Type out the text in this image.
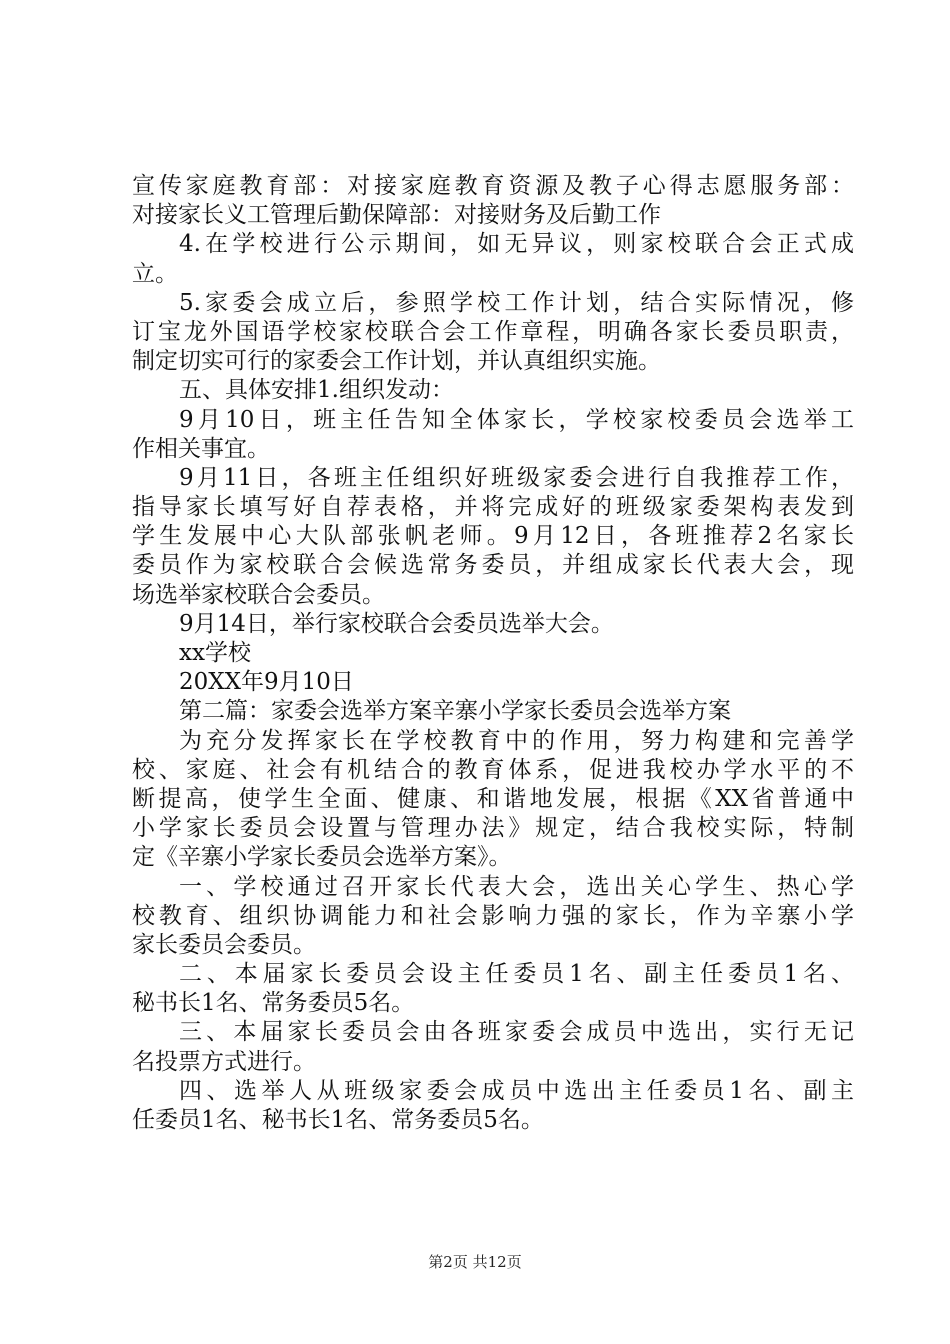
宣传家庭教育部：对接家庭教育资源及教子心得志愿服务部：
对接家长义工管理后勤保障部：对接财务及后勤工作
4.在学校进行公示期间，如无异议，则家校联合会正式成
立。
5.家委会成立后，参照学校工作计划，结合实际情况，修
订宝龙外国语学校家校联合会工作章程，明确各家长委员职责，
制定切实可行的家委会工作计划，并认真组织实施。
五、具体安排1.组织发动：
9月10日，班主任告知全体家长，学校家校委员会选举工
作相关事宜。
9月11日，各班主任组织好班级家委会进行自我推荐工作，
指导家长填写好自荐表格，并将完成好的班级家委架构表发到
学生发展中心大队部张帆老师。9月12日，各班推荐2名家长
委员作为家校联合会候选常务委员，并组成家长代表大会，现
场选举家校联合会委员。
9月14日，举行家校联合会委员选举大会。
xx学校
20XX年9月10日
第二篇：家委会选举方案辛寨小学家长委员会选举方案
为充分发挥家长在学校教育中的作用，努力构建和完善学
校、家庭、社会有机结合的教育体系，促进我校办学水平的不
断提高，使学生全面、健康、和谐地发展，根据《XX省普通中
小学家长委员会设置与管理办法》规定，结合我校实际，特制
定《辛寨小学家长委员会选举方案》。
一、学校通过召开家长代表大会，选出关心学生、热心学
校教育、组织协调能力和社会影响力强的家长，作为辛寨小学
家长委员会委员。
二、本届家长委员会设主任委员1名、副主任委员1名、
秘书长1名、常务委员5名。
三、本届家长委员会由各班家委会成员中选出，实行无记
名投票方式进行。
四、选举人从班级家委会成员中选出主任委员1名、副主
任委员1名、秘书长1名、常务委员5名。
第2页 共12页
